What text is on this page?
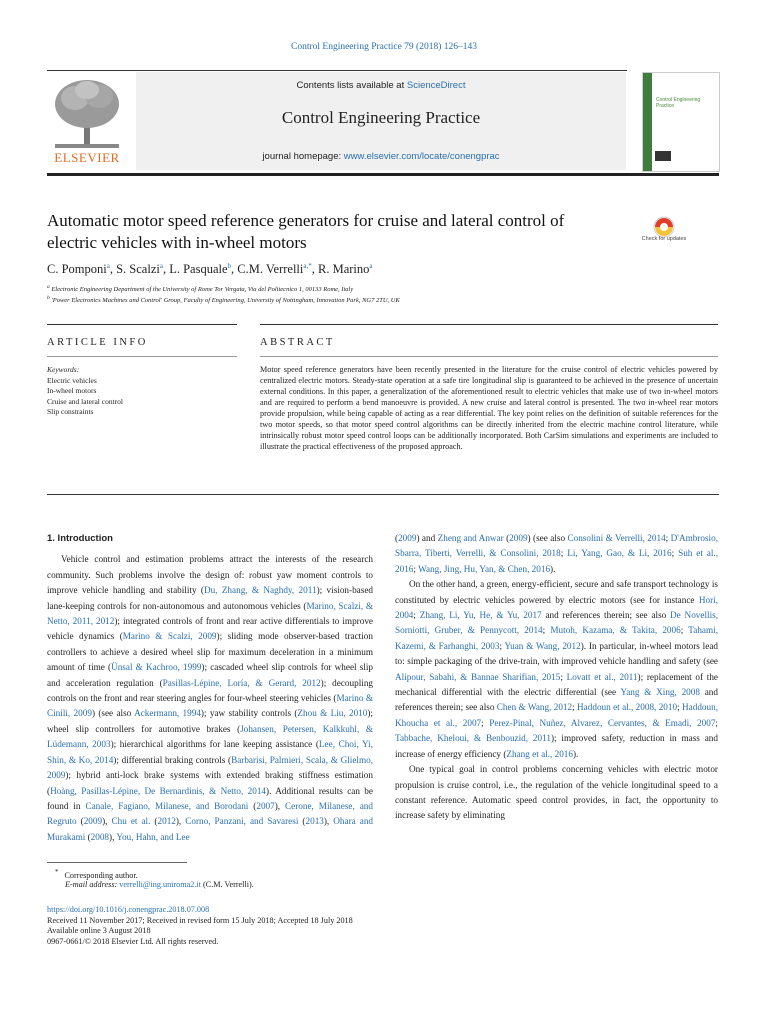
Control Engineering Practice 79 (2018) 126–143
ELSEVIER
Contents lists available at ScienceDirect
Control Engineering Practice
journal homepage: www.elsevier.com/locate/conengprac
Control Engineering Practice
Automatic motor speed reference generators for cruise and lateral control of electric vehicles with in-wheel motors	Check for updates
C. Pomponi$^a$, S. Scalzi$^a$, L. Pasquale$^b$, C.M. Verrelli$^{a,*}$, R. Marino$^a$
$^a$ Electronic Engineering Department of the University of Rome Tor Vergata, Via del Politecnico 1, 00133 Rome, Italy
$^b$ 'Power Electronics Machines and Control' Group, Faculty of Engineering, University of Nottingham, Innovation Park, NG7 2TU, UK
ARTICLE INFO	ABSTRACT
Keywords:
Electric vehicles
In-wheel motors
Cruise and lateral control
Slip constraints
Motor speed reference generators have been recently presented in the literature for the cruise control of electric vehicles powered by centralized electric motors. Steady-state operation at a safe tire longitudinal slip is guaranteed to be achieved in the presence of uncertain external conditions. In this paper, a generalization of the aforementioned result to electric vehicles that make use of two in-wheel motors and are required to perform a bend manoeuvre is provided. A new cruise and lateral control is presented. The two in-wheel rear motors provide propulsion, while being capable of acting as a rear differential. The key point relies on the definition of suitable references for the two motor speeds, so that motor speed control algorithms can be directly inherited from the electric machine control literature, while intrinsically robust motor speed control loops can be additionally incorporated. Both CarSim simulations and experiments are included to illustrate the practical effectiveness of the proposed approach.
1. Introduction

Vehicle control and estimation problems attract the interests of the research community. Such problems involve the design of: robust yaw moment controls to improve vehicle handling and stability (Du, Zhang, & Naghdy, 2011); vision-based lane-keeping controls for non-autonomous and autonomous vehicles (Marino, Scalzi, & Netto, 2011, 2012); integrated controls of front and rear active differentials to improve vehicle dynamics (Marino & Scalzi, 2009); sliding mode observer-based traction controllers to achieve a desired wheel slip for maximum deceleration in a minimum amount of time (Ünsal & Kachroo, 1999); cascaded wheel slip controls for wheel slip and acceleration regulation (Pasillas-Lépine, Loría, & Gerard, 2012); decoupling controls on the front and rear steering angles for four-wheel steering vehicles (Marino & Cinili, 2009) (see also Ackermann, 1994); yaw stability controls (Zhou & Liu, 2010); wheel slip controllers for automotive brakes (Johansen, Petersen, Kalkkuhl, & Lüdemann, 2003); hierarchical algorithms for lane keeping assistance (Lee, Choi, Yi, Shin, & Ko, 2014); differential braking controls (Barbarisi, Palmieri, Scala, & Glielmo, 2009); hybrid anti-lock brake systems with extended braking stiffness estimation (Hoàng, Pasillas-Lépine, De Bernardinis, & Netto, 2014). Additional results can be found in Canale, Fagiano, Milanese, and Borodani (2007), Cerone, Milanese, and Regruto (2009), Chu et al. (2012), Corno, Panzani, and Savaresi (2013), Ohara and Murakami (2008), You, Hahn, and Lee

(2009) and Zheng and Anwar (2009) (see also Consolini & Verrelli, 2014; D'Ambrosio, Sbarra, Tiberti, Verrelli, & Consolini, 2018; Li, Yang, Gao, & Li, 2016; Suh et al., 2016; Wang, Jing, Hu, Yan, & Chen, 2016).

On the other hand, a green, energy-efficient, secure and safe transport technology is constituted by electric vehicles powered by electric motors (see for instance Hori, 2004; Zhang, Li, Yu, He, & Yu, 2017 and references therein; see also De Novellis, Sorniotti, Gruber, & Pennycott, 2014; Mutoh, Kazama, & Takita, 2006; Tahami, Kazemi, & Farhanghi, 2003; Yuan & Wang, 2012). In particular, in-wheel motors lead to: simple packaging of the drive-train, with improved vehicle handling and safety (see Alipour, Sabahi, & Bannae Sharifian, 2015; Lovatt et al., 2011); replacement of the mechanical differential with the electric differential (see Yang & Xing, 2008 and references therein; see also Chen & Wang, 2012; Haddoun et al., 2008, 2010; Haddoun, Khoucha et al., 2007; Perez-Pinal, Nuñez, Alvarez, Cervantes, & Emadi, 2007; Tabbache, Kheloui, & Benbouzid, 2011); improved safety, reduction in mass and increase of energy efficiency (Zhang et al., 2016).

One typical goal in control problems concerning vehicles with electric motor propulsion is cruise control, i.e., the regulation of the vehicle longitudinal speed to a constant reference. Automatic speed control provides, in fact, the opportunity to increase safety by eliminating

* Corresponding author.
E-mail address: verrelli@ing.uniroma2.it (C.M. Verrelli).
https://doi.org/10.1016/j.conengprac.2018.07.008
Received 11 November 2017; Received in revised form 15 July 2018; Accepted 18 July 2018
Available online 3 August 2018
0967-0661/© 2018 Elsevier Ltd. All rights reserved.
